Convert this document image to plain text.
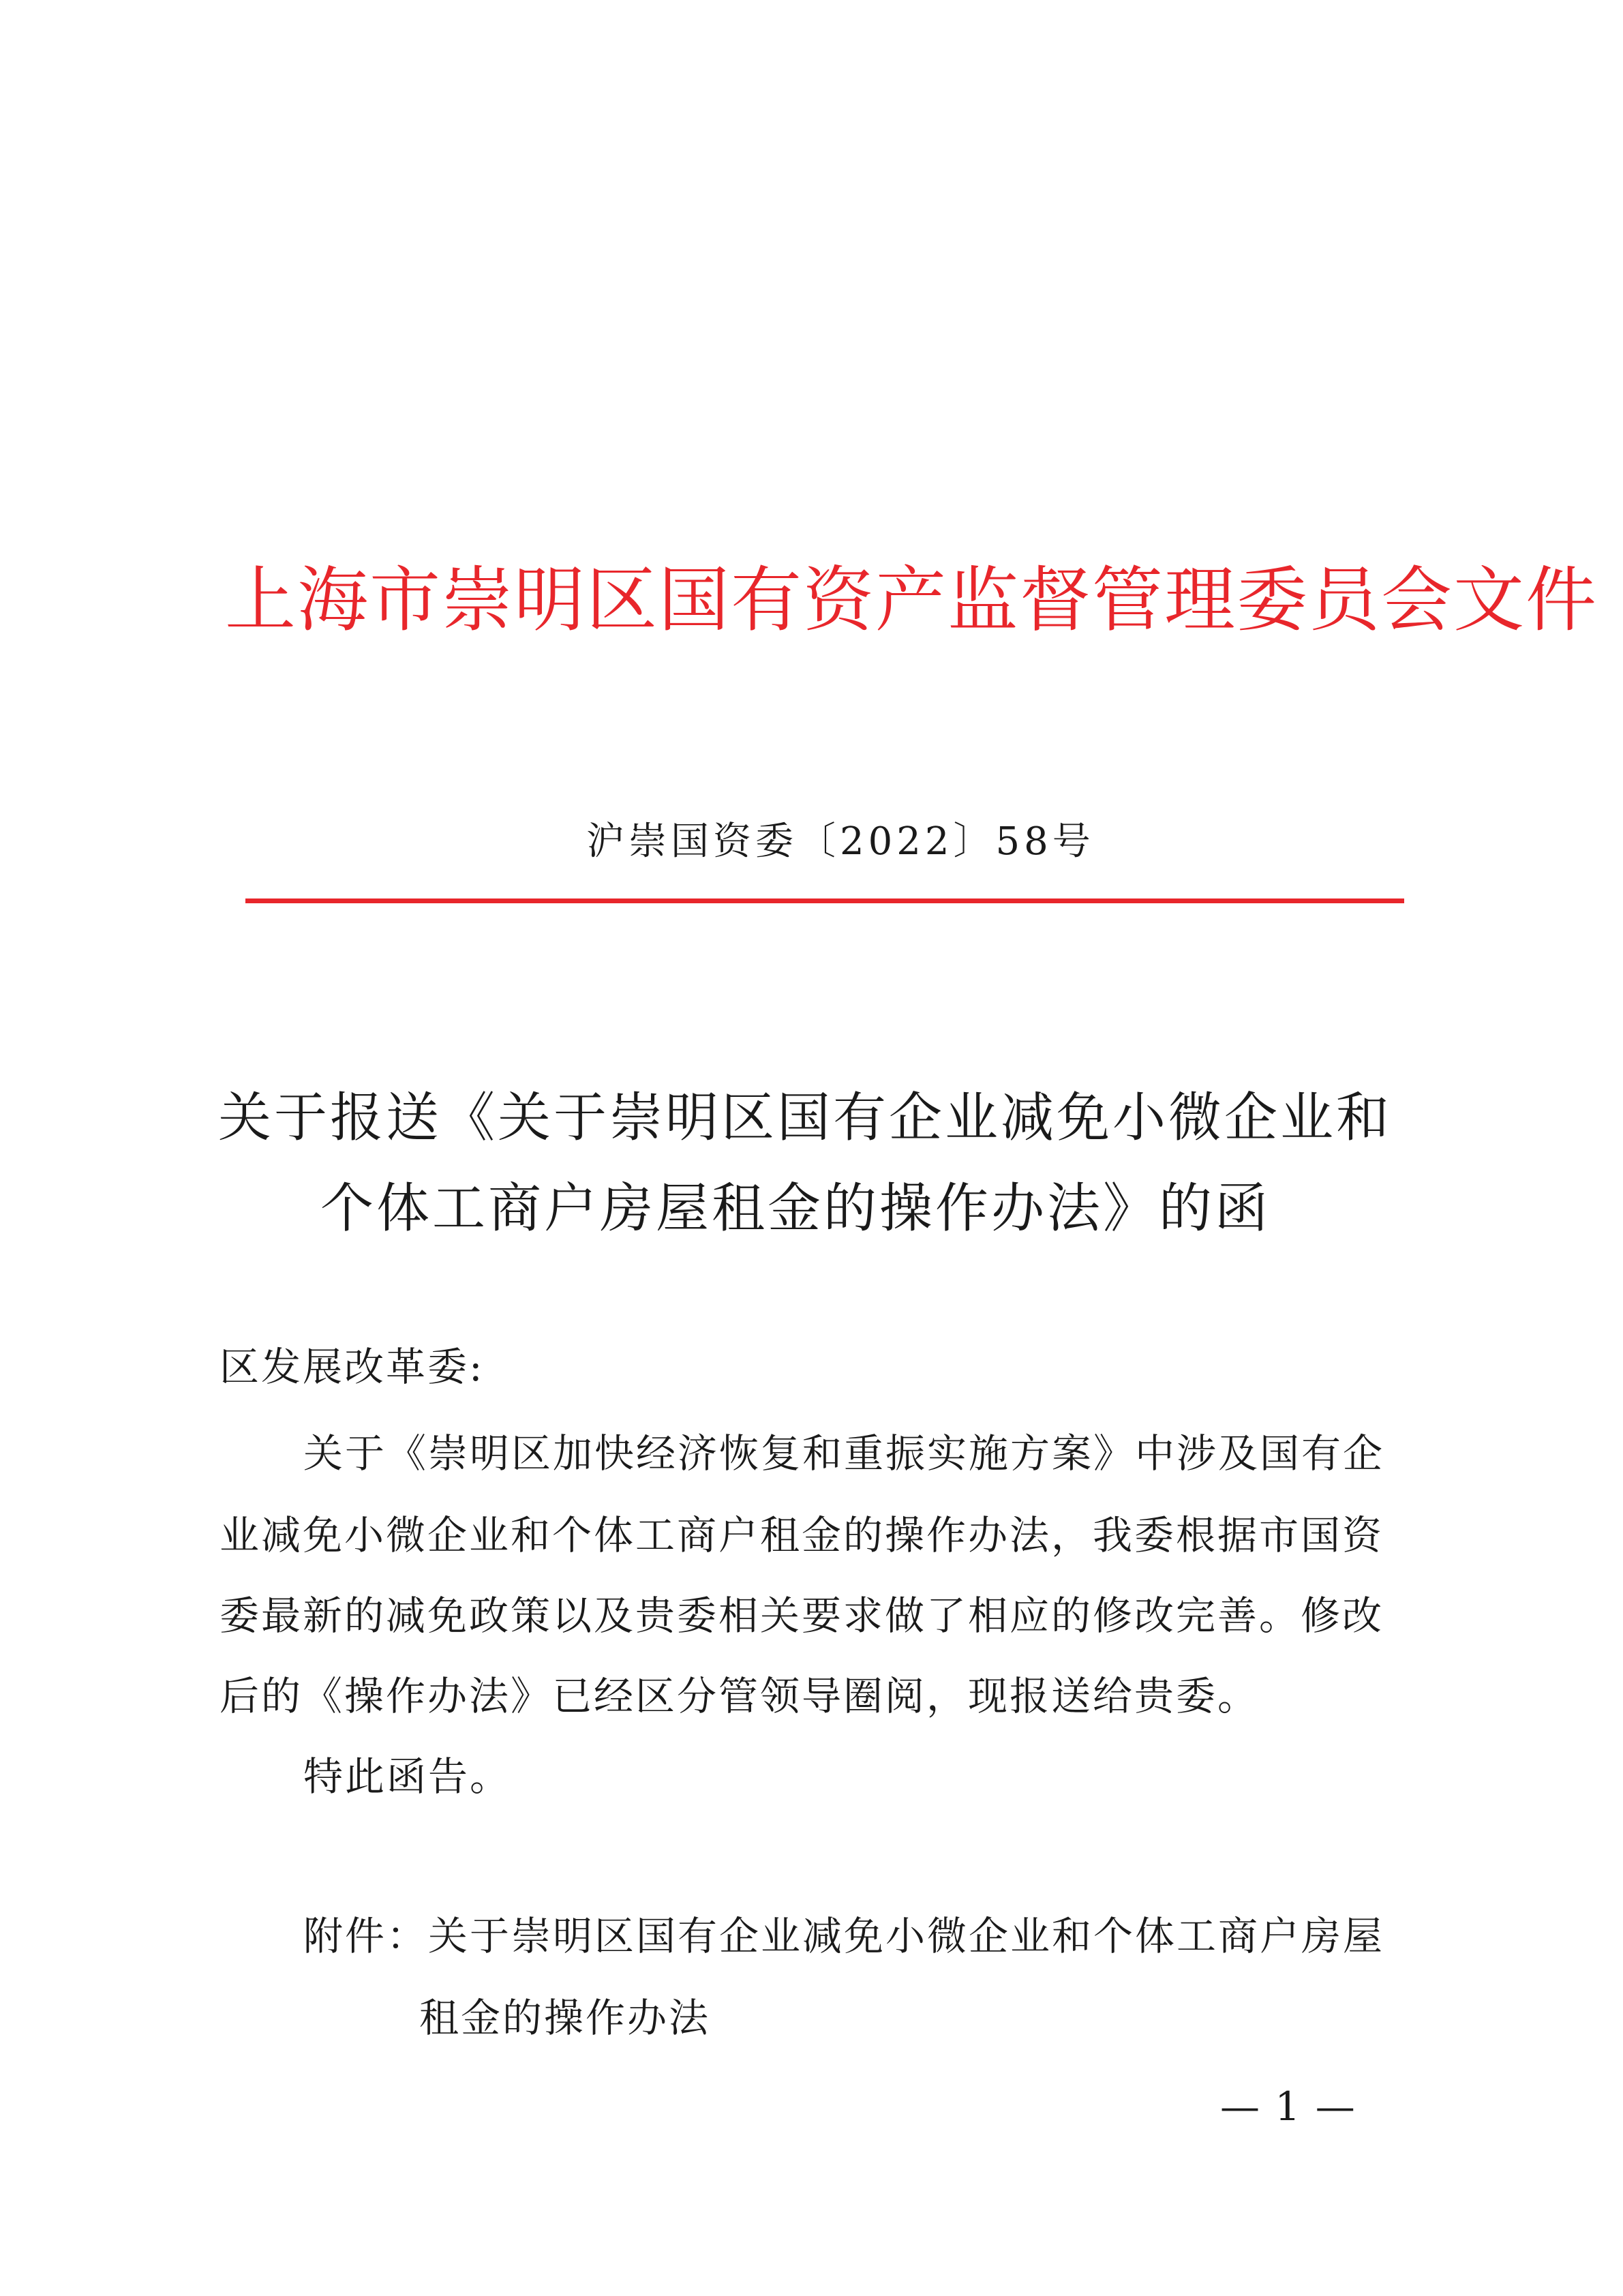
上海市崇明区国有资产监督管理委员会文件
沪崇国资委〔2022〕58号
关于报送《关于崇明区国有企业减免小微企业和
个体工商户房屋租金的操作办法》的函
区发展改革委:
关于《崇明区加快经济恢复和重振实施方案》中涉及国有企
业减免小微企业和个体工商户租金的操作办法，我委根据市国资
委最新的减免政策以及贵委相关要求做了相应的修改完善。修改
后的《操作办法》已经区分管领导圈阅，现报送给贵委。
特此函告。
附件：关于崇明区国有企业减免小微企业和个体工商户房屋
租金的操作办法
— 1 —
